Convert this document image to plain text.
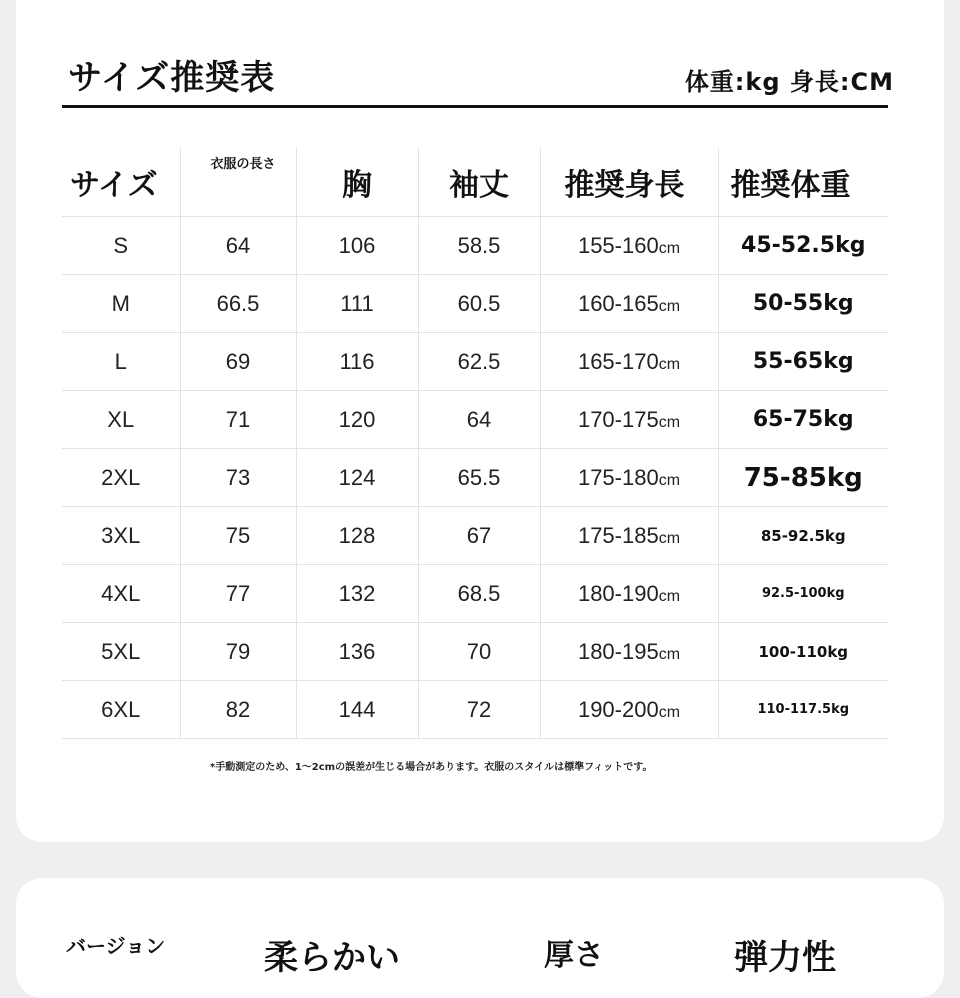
サイズ推奨表	体重:kg 身長:CM
サイズ	衣服の長さ	胸	袖丈	推奨身長	推奨体重
S	64	106	58.5	155-160cm	45-52.5kg
M	66.5	111	60.5	160-165cm	50-55kg
L	69	116	62.5	165-170cm	55-65kg
XL	71	120	64	170-175cm	65-75kg
2XL	73	124	65.5	175-180cm	75-85kg
3XL	75	128	67	175-185cm	85-92.5kg
4XL	77	132	68.5	180-190cm	92.5-100kg
5XL	79	136	70	180-195cm	100-110kg
6XL	82	144	72	190-200cm	110-117.5kg
*手動測定のため、1～2cmの誤差が生じる場合があります。衣服のスタイルは標準フィットです。
バージョン	柔らかい	厚さ	弾力性
